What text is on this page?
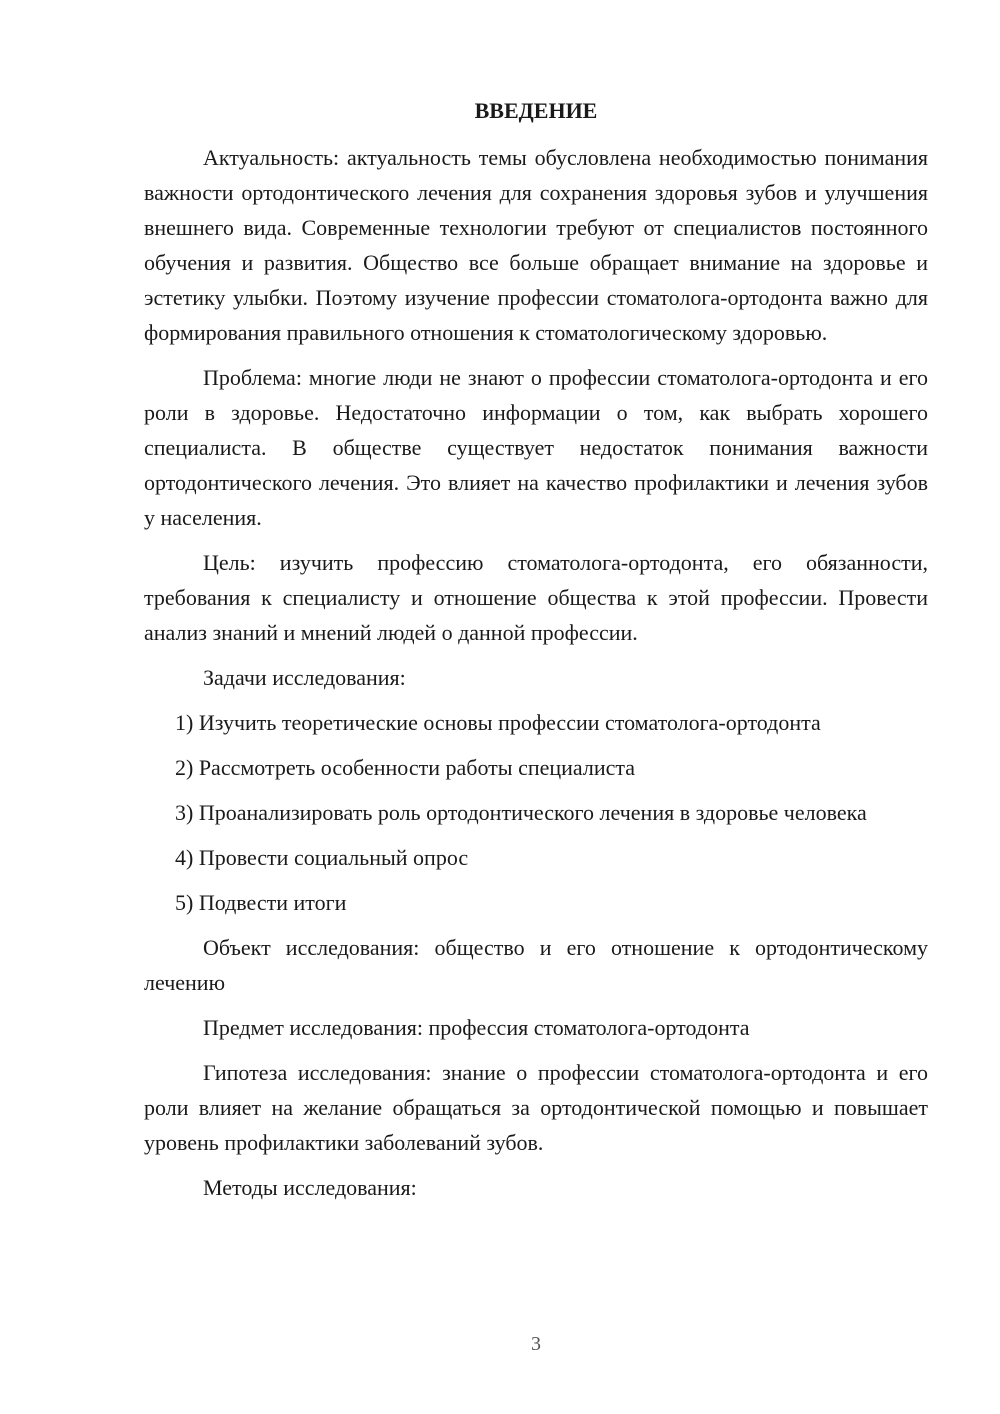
ВВЕДЕНИЕ

Актуальность: актуальность темы обусловлена необходимостью понимания важности ортодонтического лечения для сохранения здоровья зубов и улучшения внешнего вида. Современные технологии требуют от специалистов постоянного обучения и развития. Общество все больше обращает внимание на здоровье и эстетику улыбки. Поэтому изучение профессии стоматолога-ортодонта важно для формирования правильного отношения к стоматологическому здоровью.

Проблема: многие люди не знают о профессии стоматолога-ортодонта и его роли в здоровье. Недостаточно информации о том, как выбрать хорошего специалиста. В обществе существует недостаток понимания важности ортодонтического лечения. Это влияет на качество профилактики и лечения зубов у населения.

Цель: изучить профессию стоматолога-ортодонта, его обязанности, требования к специалисту и отношение общества к этой профессии. Провести анализ знаний и мнений людей о данной профессии.

Задачи исследования:

1) Изучить теоретические основы профессии стоматолога-ортодонта

2) Рассмотреть особенности работы специалиста

3) Проанализировать роль ортодонтического лечения в здоровье человека

4) Провести социальный опрос

5) Подвести итоги

Объект исследования: общество и его отношение к ортодонтическому лечению

Предмет исследования: профессия стоматолога-ортодонта

Гипотеза исследования: знание о профессии стоматолога-ортодонта и его роли влияет на желание обращаться за ортодонтической помощью и повышает уровень профилактики заболеваний зубов.

Методы исследования:

3
